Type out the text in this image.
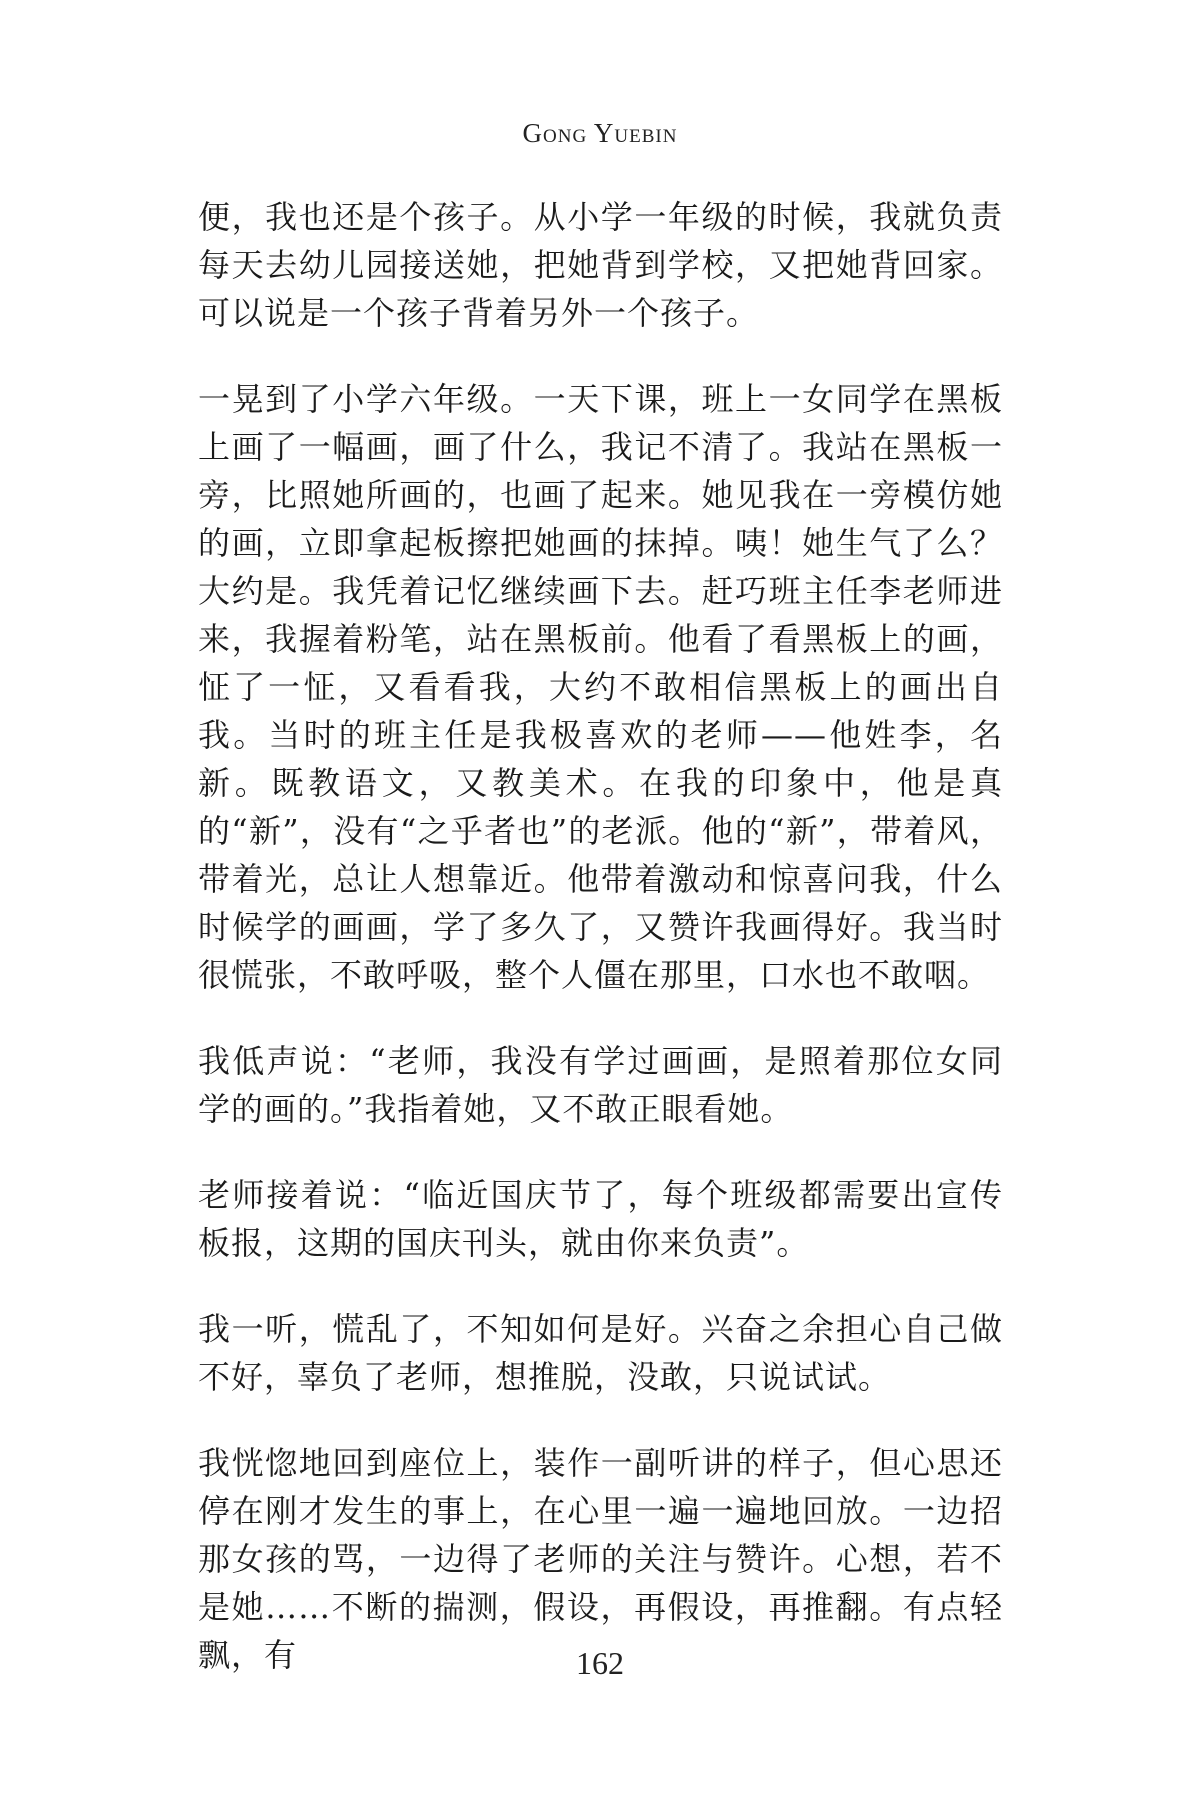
Gong Yuebin

便，我也还是个孩子。从小学一年级的时候，我就负责每天去幼儿园接送她，把她背到学校，又把她背回家。可以说是一个孩子背着另外一个孩子。

一晃到了小学六年级。一天下课，班上一女同学在黑板上画了一幅画，画了什么，我记不清了。我站在黑板一旁，比照她所画的，也画了起来。她见我在一旁模仿她的画，立即拿起板擦把她画的抹掉。咦！她生气了么？大约是。我凭着记忆继续画下去。赶巧班主任李老师进来，我握着粉笔，站在黑板前。他看了看黑板上的画，怔了一怔，又看看我，大约不敢相信黑板上的画出自我。当时的班主任是我极喜欢的老师——他姓李，名新。既教语文，又教美术。在我的印象中，他是真的“新”，没有“之乎者也”的老派。他的“新”，带着风，带着光，总让人想靠近。他带着激动和惊喜问我，什么时候学的画画，学了多久了，又赞许我画得好。我当时很慌张，不敢呼吸，整个人僵在那里，口水也不敢咽。

我低声说：“老师，我没有学过画画，是照着那位女同学的画的。”我指着她，又不敢正眼看她。

老师接着说：“临近国庆节了，每个班级都需要出宣传板报，这期的国庆刊头，就由你来负责”。

我一听，慌乱了，不知如何是好。兴奋之余担心自己做不好，辜负了老师，想推脱，没敢，只说试试。

我恍惚地回到座位上，装作一副听讲的样子，但心思还停在刚才发生的事上，在心里一遍一遍地回放。一边招那女孩的骂，一边得了老师的关注与赞许。心想，若不是她……不断的揣测，假设，再假设，再推翻。有点轻飘，有	162
